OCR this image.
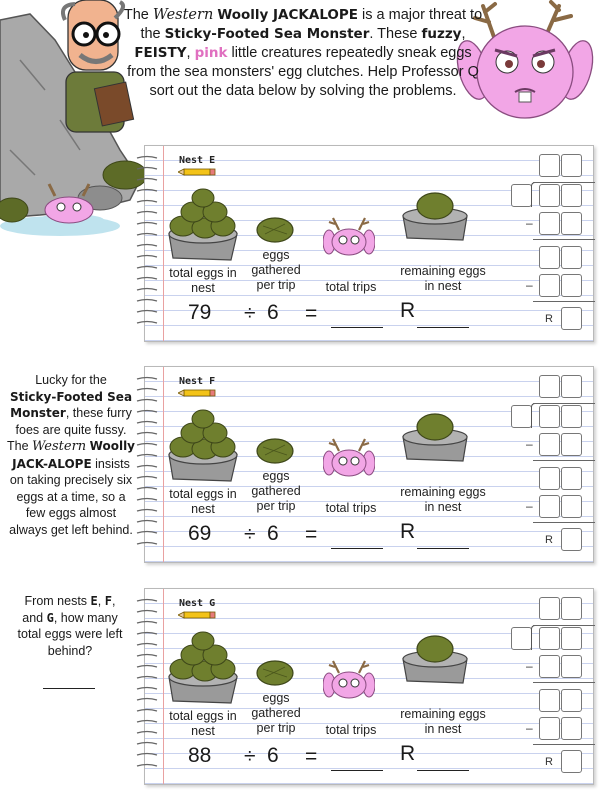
The Western Woolly JACKALOPE is a major threat to the Sticky-Footed Sea Monster. These fuzzy, FEISTY, pink little creatures repeatedly sneak eggs from the sea monsters' egg clutches. Help Professor Q sort out the data below by solving the problems.
Lucky for the
Sticky-Footed Sea Monster, these furry foes are quite fussy. The Western Woolly JACK-ALOPE insists on taking precisely six eggs at a time, so a few eggs almost always get left behind.
From nests E, F,
and G, how many total eggs were left behind?
Nest E
total eggs in nest
eggs gathered per trip	total trips
remaining eggs in nest
79 ÷ 6 =	R
–
–
R
Nest F
total eggs in nest
eggs gathered per trip	total trips
remaining eggs in nest
69 ÷ 6 =	R
–
–
R
Nest G
total eggs in nest
eggs gathered per trip	total trips
remaining eggs in nest
88 ÷ 6 =	R
–
–
R
